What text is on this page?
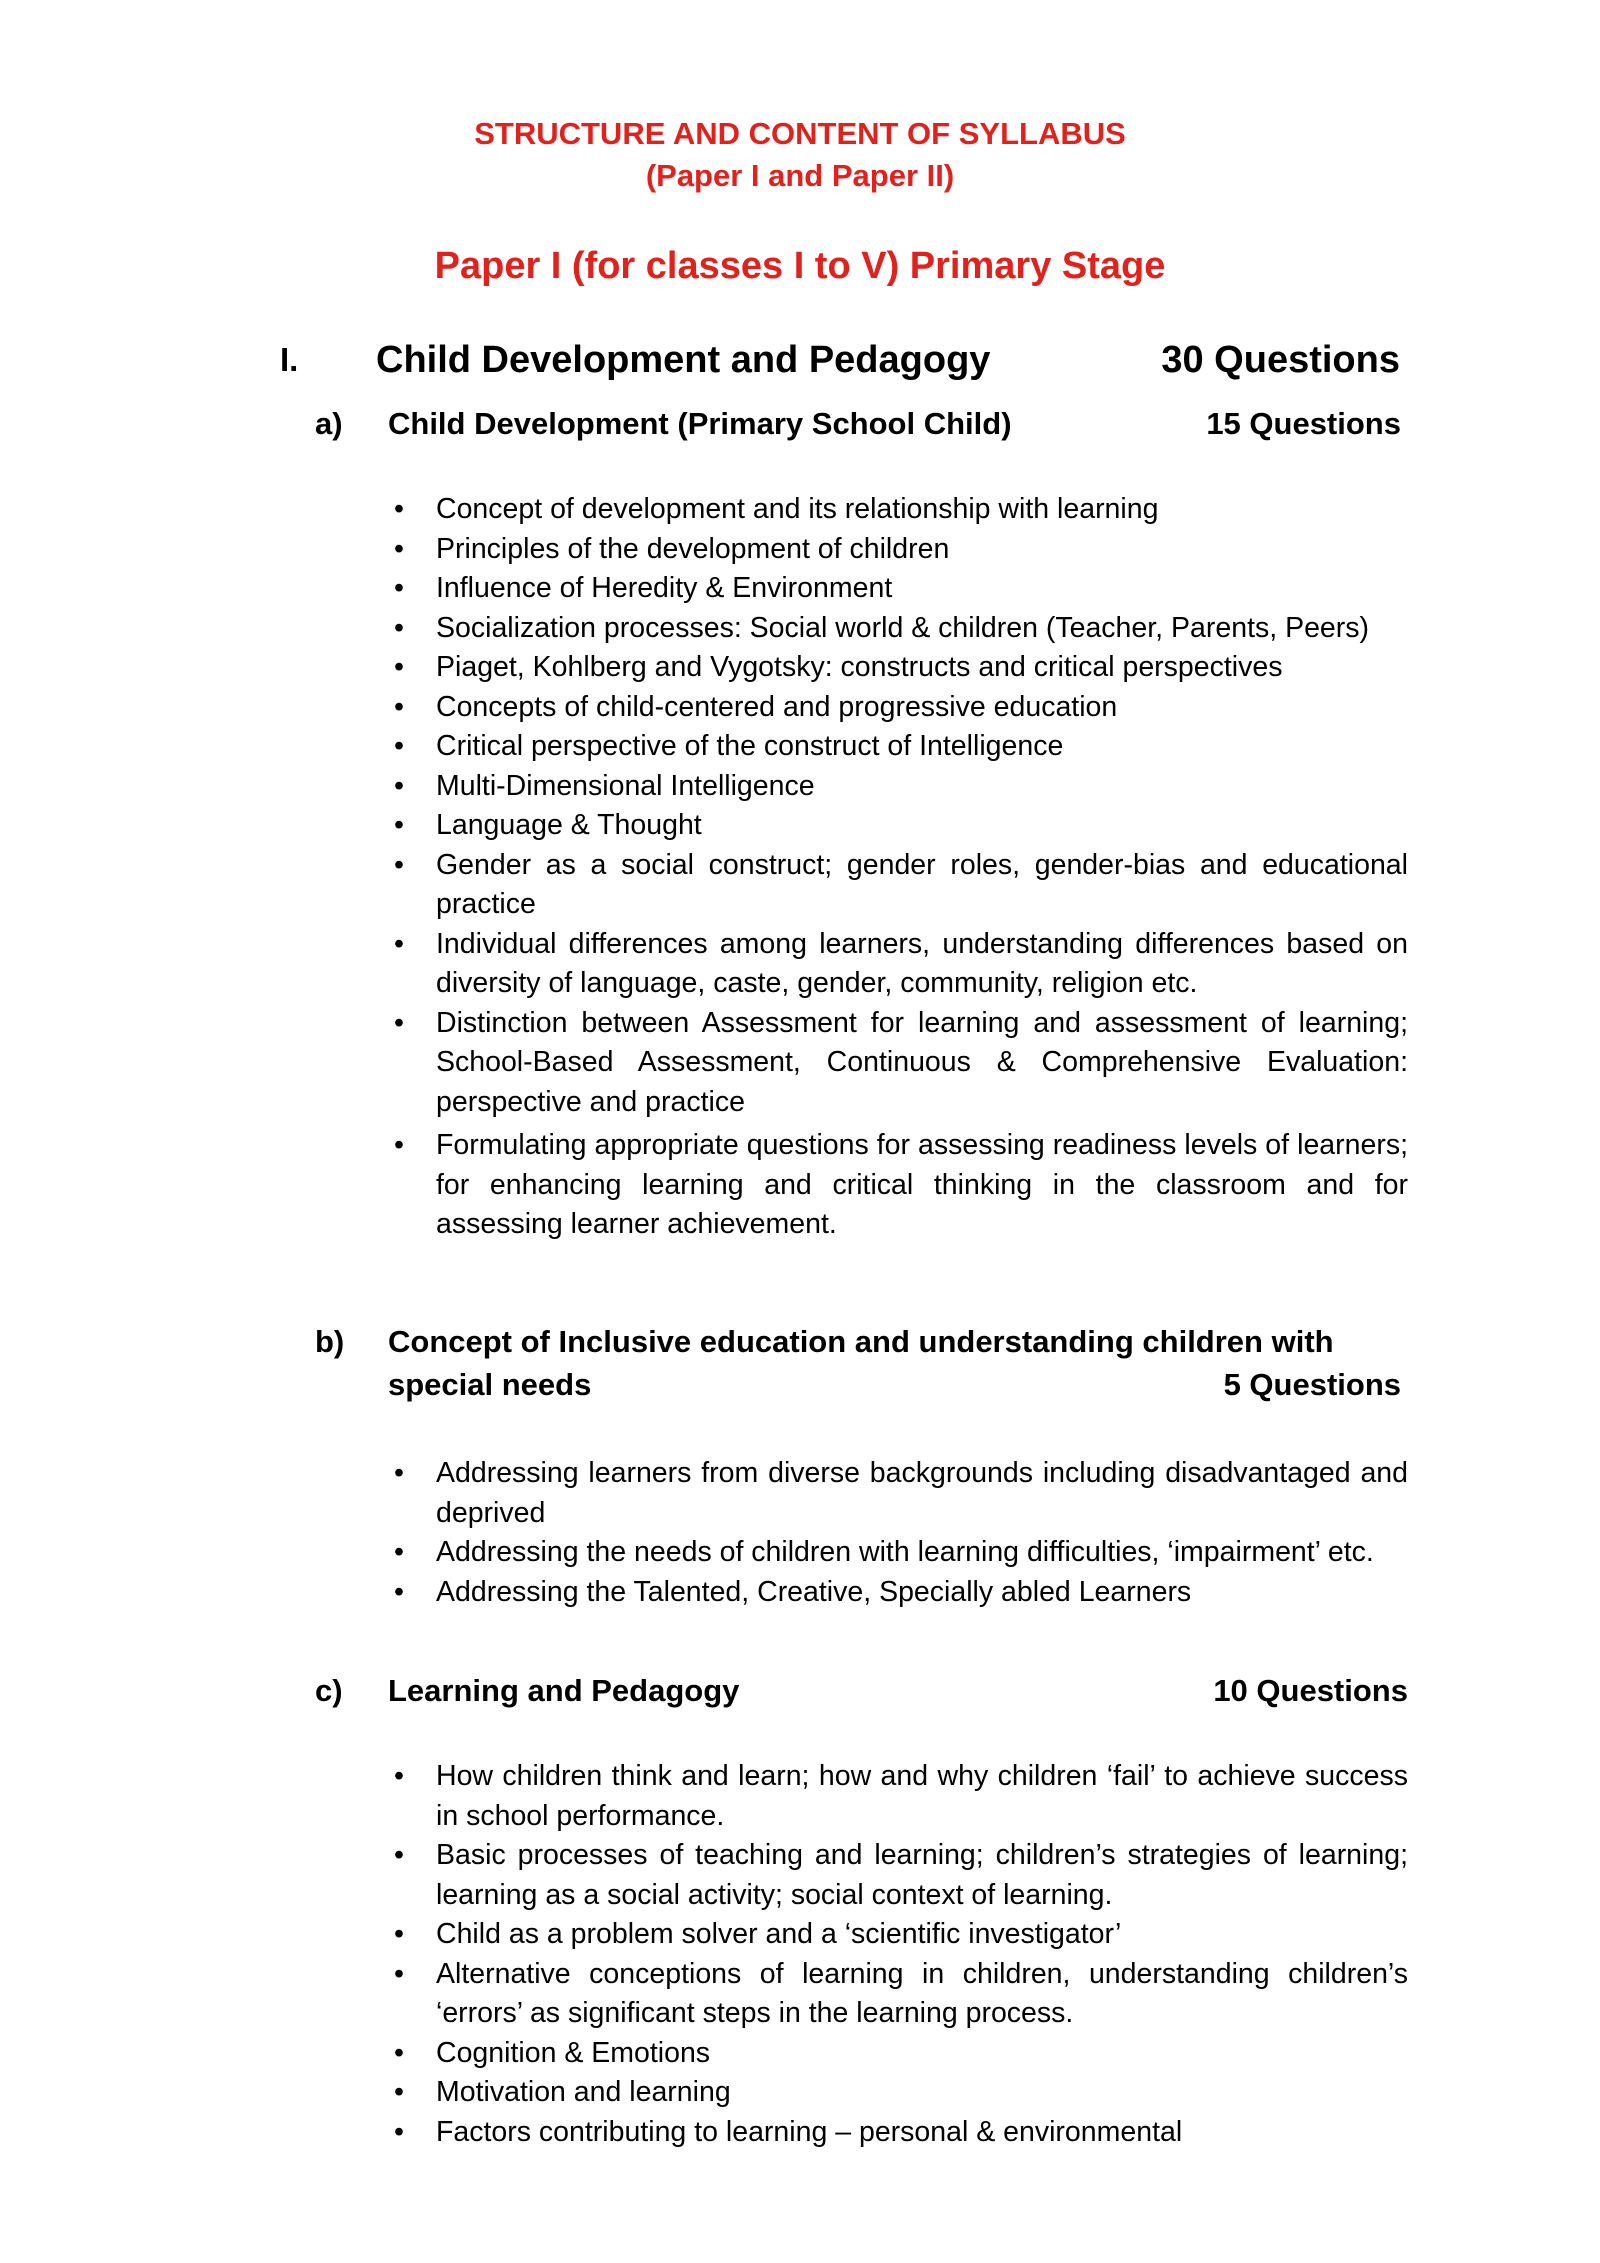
STRUCTURE AND CONTENT OF SYLLABUS
(Paper I and Paper II)
Paper I (for classes I to V) Primary Stage
I. Child Development and Pedagogy	30 Questions
a) Child Development (Primary School Child)	15 Questions
• Concept of development and its relationship with learning
• Principles of the development of children
• Influence of Heredity & Environment
• Socialization processes: Social world & children (Teacher, Parents, Peers)
• Piaget, Kohlberg and Vygotsky: constructs and critical perspectives
• Concepts of child-centered and progressive education
• Critical perspective of the construct of Intelligence
• Multi-Dimensional Intelligence
• Language & Thought
• Gender as a social construct; gender roles, gender-bias and educational practice
• Individual differences among learners, understanding differences based on diversity of language, caste, gender, community, religion etc.
• Distinction between Assessment for learning and assessment of learning; School-Based Assessment, Continuous & Comprehensive Evaluation: perspective and practice
• Formulating appropriate questions for assessing readiness levels of learners; for enhancing learning and critical thinking in the classroom and for assessing learner achievement.
b) Concept of Inclusive education and understanding children with
special needs	5 Questions
• Addressing learners from diverse backgrounds including disadvantaged and deprived
• Addressing the needs of children with learning difficulties, ‘impairment’ etc.
• Addressing the Talented, Creative, Specially abled Learners
c) Learning and Pedagogy	10 Questions
• How children think and learn; how and why children ‘fail’ to achieve success in school performance.
• Basic processes of teaching and learning; children’s strategies of learning; learning as a social activity; social context of learning.
• Child as a problem solver and a ‘scientific investigator’
• Alternative conceptions of learning in children, understanding children’s ‘errors’ as significant steps in the learning process.
• Cognition & Emotions
• Motivation and learning
• Factors contributing to learning – personal & environmental
